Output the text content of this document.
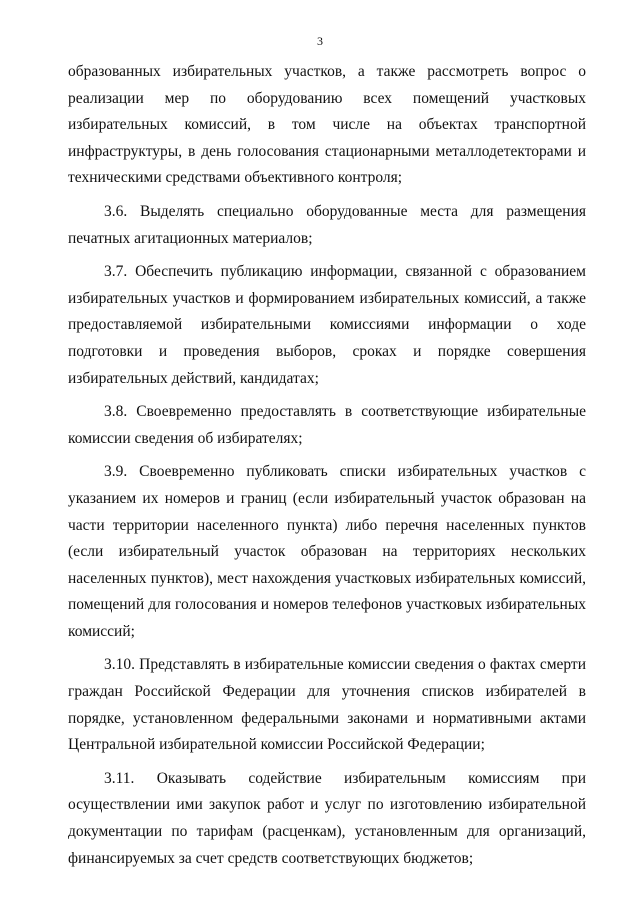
3

образованных избирательных участков, а также рассмотреть вопрос о реализации мер по оборудованию всех помещений участковых избирательных комиссий, в том числе на объектах транспортной инфраструктуры, в день голосования стационарными металлодетекторами и техническими средствами объективного контроля;

3.6. Выделять специально оборудованные места для размещения печатных агитационных материалов;

3.7. Обеспечить публикацию информации, связанной с образованием избирательных участков и формированием избирательных комиссий, а также предоставляемой избирательными комиссиями информации о ходе подготовки и проведения выборов, сроках и порядке совершения избирательных действий, кандидатах;

3.8. Своевременно предоставлять в соответствующие избирательные комиссии сведения об избирателях;

3.9. Своевременно публиковать списки избирательных участков с указанием их номеров и границ (если избирательный участок образован на части территории населенного пункта) либо перечня населенных пунктов (если избирательный участок образован на территориях нескольких населенных пунктов), мест нахождения участковых избирательных комиссий, помещений для голосования и номеров телефонов участковых избирательных комиссий;

3.10. Представлять в избирательные комиссии сведения о фактах смерти граждан Российской Федерации для уточнения списков избирателей в порядке, установленном федеральными законами и нормативными актами Центральной избирательной комиссии Российской Федерации;

3.11. Оказывать содействие избирательным комиссиям при осуществлении ими закупок работ и услуг по изготовлению избирательной документации по тарифам (расценкам), установленным для организаций, финансируемых за счет средств соответствующих бюджетов;
